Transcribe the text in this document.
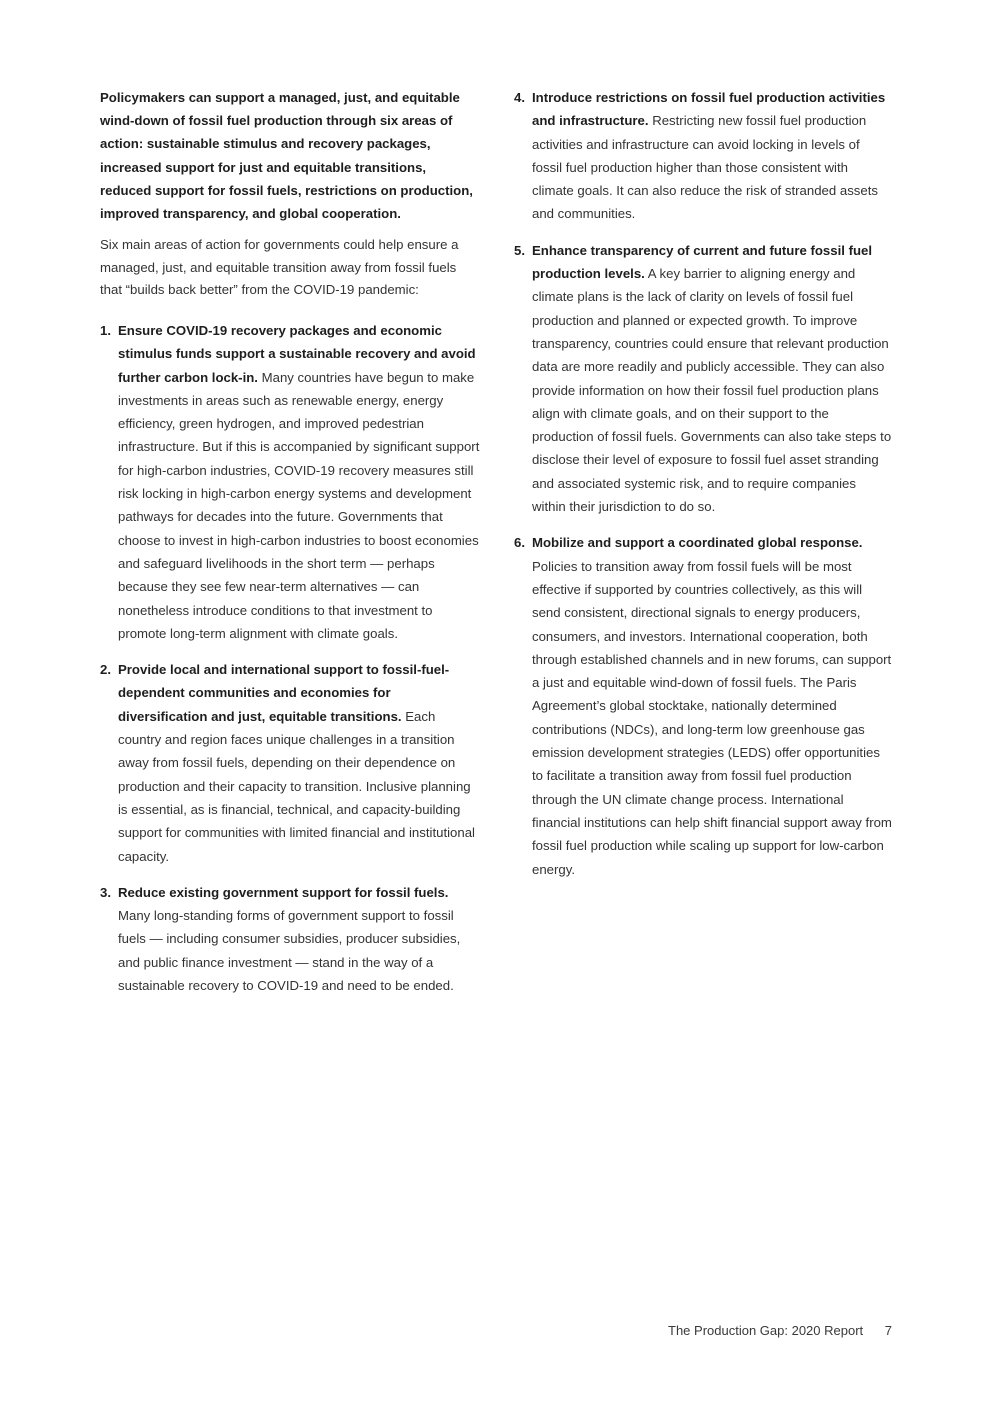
Policymakers can support a managed, just, and equitable wind-down of fossil fuel production through six areas of action: sustainable stimulus and recovery packages, increased support for just and equitable transitions, reduced support for fossil fuels, restrictions on production, improved transparency, and global cooperation.

Six main areas of action for governments could help ensure a managed, just, and equitable transition away from fossil fuels that “builds back better” from the COVID-19 pandemic:

1. Ensure COVID-19 recovery packages and economic stimulus funds support a sustainable recovery and avoid further carbon lock-in. Many countries have begun to make investments in areas such as renewable energy, energy efficiency, green hydrogen, and improved pedestrian infrastructure. But if this is accompanied by significant support for high-carbon industries, COVID-19 recovery measures still risk locking in high-carbon energy systems and development pathways for decades into the future. Governments that choose to invest in high-carbon industries to boost economies and safeguard livelihoods in the short term — perhaps because they see few near-term alternatives — can nonetheless introduce conditions to that investment to promote long-term alignment with climate goals.
2. Provide local and international support to fossil-fuel-dependent communities and economies for diversification and just, equitable transitions. Each country and region faces unique challenges in a transition away from fossil fuels, depending on their dependence on production and their capacity to transition. Inclusive planning is essential, as is financial, technical, and capacity-building support for communities with limited financial and institutional capacity.
3. Reduce existing government support for fossil fuels. Many long-standing forms of government support to fossil fuels — including consumer subsidies, producer subsidies, and public finance investment — stand in the way of a sustainable recovery to COVID-19 and need to be ended.
4. Introduce restrictions on fossil fuel production activities and infrastructure. Restricting new fossil fuel production activities and infrastructure can avoid locking in levels of fossil fuel production higher than those consistent with climate goals. It can also reduce the risk of stranded assets and communities.
5. Enhance transparency of current and future fossil fuel production levels. A key barrier to aligning energy and climate plans is the lack of clarity on levels of fossil fuel production and planned or expected growth. To improve transparency, countries could ensure that relevant production data are more readily and publicly accessible. They can also provide information on how their fossil fuel production plans align with climate goals, and on their support to the production of fossil fuels. Governments can also take steps to disclose their level of exposure to fossil fuel asset stranding and associated systemic risk, and to require companies within their jurisdiction to do so.
6. Mobilize and support a coordinated global response. Policies to transition away from fossil fuels will be most effective if supported by countries collectively, as this will send consistent, directional signals to energy producers, consumers, and investors. International cooperation, both through established channels and in new forums, can support a just and equitable wind-down of fossil fuels. The Paris Agreement’s global stocktake, nationally determined contributions (NDCs), and long-term low greenhouse gas emission development strategies (LEDS) offer opportunities to facilitate a transition away from fossil fuel production through the UN climate change process. International financial institutions can help shift financial support away from fossil fuel production while scaling up support for low-carbon energy.
The Production Gap: 2020 Report 7
